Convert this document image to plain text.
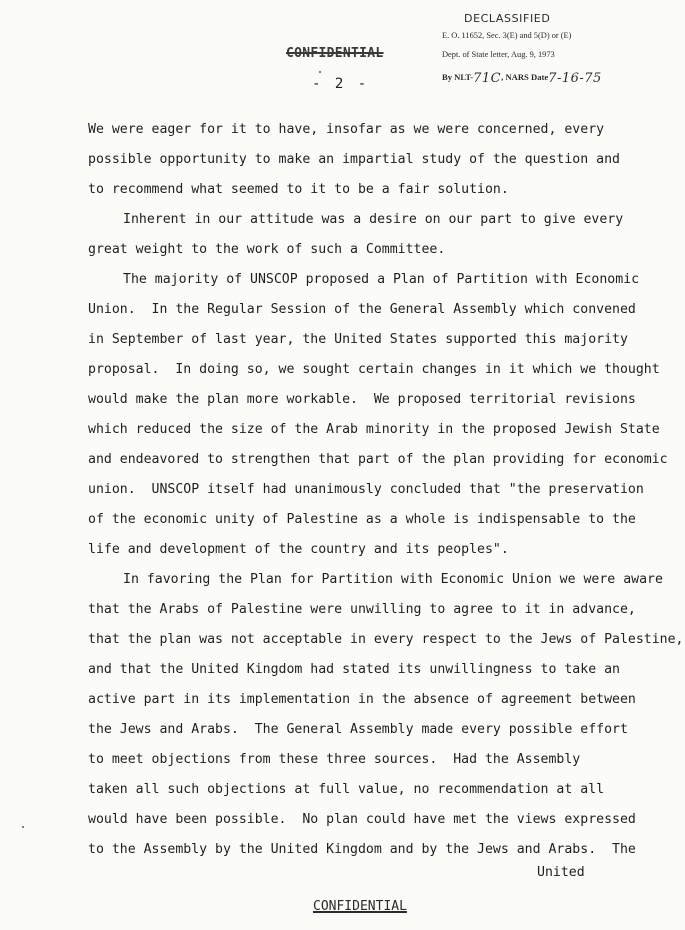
DECLASSIFIED
E. O. 11652, Sec. 3(E) and 5(D) or (E)
Dept. of State letter, Aug. 9, 1973
By NLT-71C, NARS Date7-16-75
CONFIDENTIAL
- 2 -
We were eager for it to have, insofar as we were concerned, every
possible opportunity to make an impartial study of the question and
to recommend what seemed to it to be a fair solution.
Inherent in our attitude was a desire on our part to give every
great weight to the work of such a Committee.
The majority of UNSCOP proposed a Plan of Partition with Economic
Union.  In the Regular Session of the General Assembly which convened
in September of last year, the United States supported this majority
proposal.  In doing so, we sought certain changes in it which we thought
would make the plan more workable.  We proposed territorial revisions
which reduced the size of the Arab minority in the proposed Jewish State
and endeavored to strengthen that part of the plan providing for economic
union.  UNSCOP itself had unanimously concluded that "the preservation
of the economic unity of Palestine as a whole is indispensable to the
life and development of the country and its peoples".
In favoring the Plan for Partition with Economic Union we were aware
that the Arabs of Palestine were unwilling to agree to it in advance,
that the plan was not acceptable in every respect to the Jews of Palestine,
and that the United Kingdom had stated its unwillingness to take an
active part in its implementation in the absence of agreement between
the Jews and Arabs.  The General Assembly made every possible effort
to meet objections from these three sources.  Had the Assembly
taken all such objections at full value, no recommendation at all
would have been possible.  No plan could have met the views expressed
to the Assembly by the United Kingdom and by the Jews and Arabs.  The
United
CONFIDENTIAL
